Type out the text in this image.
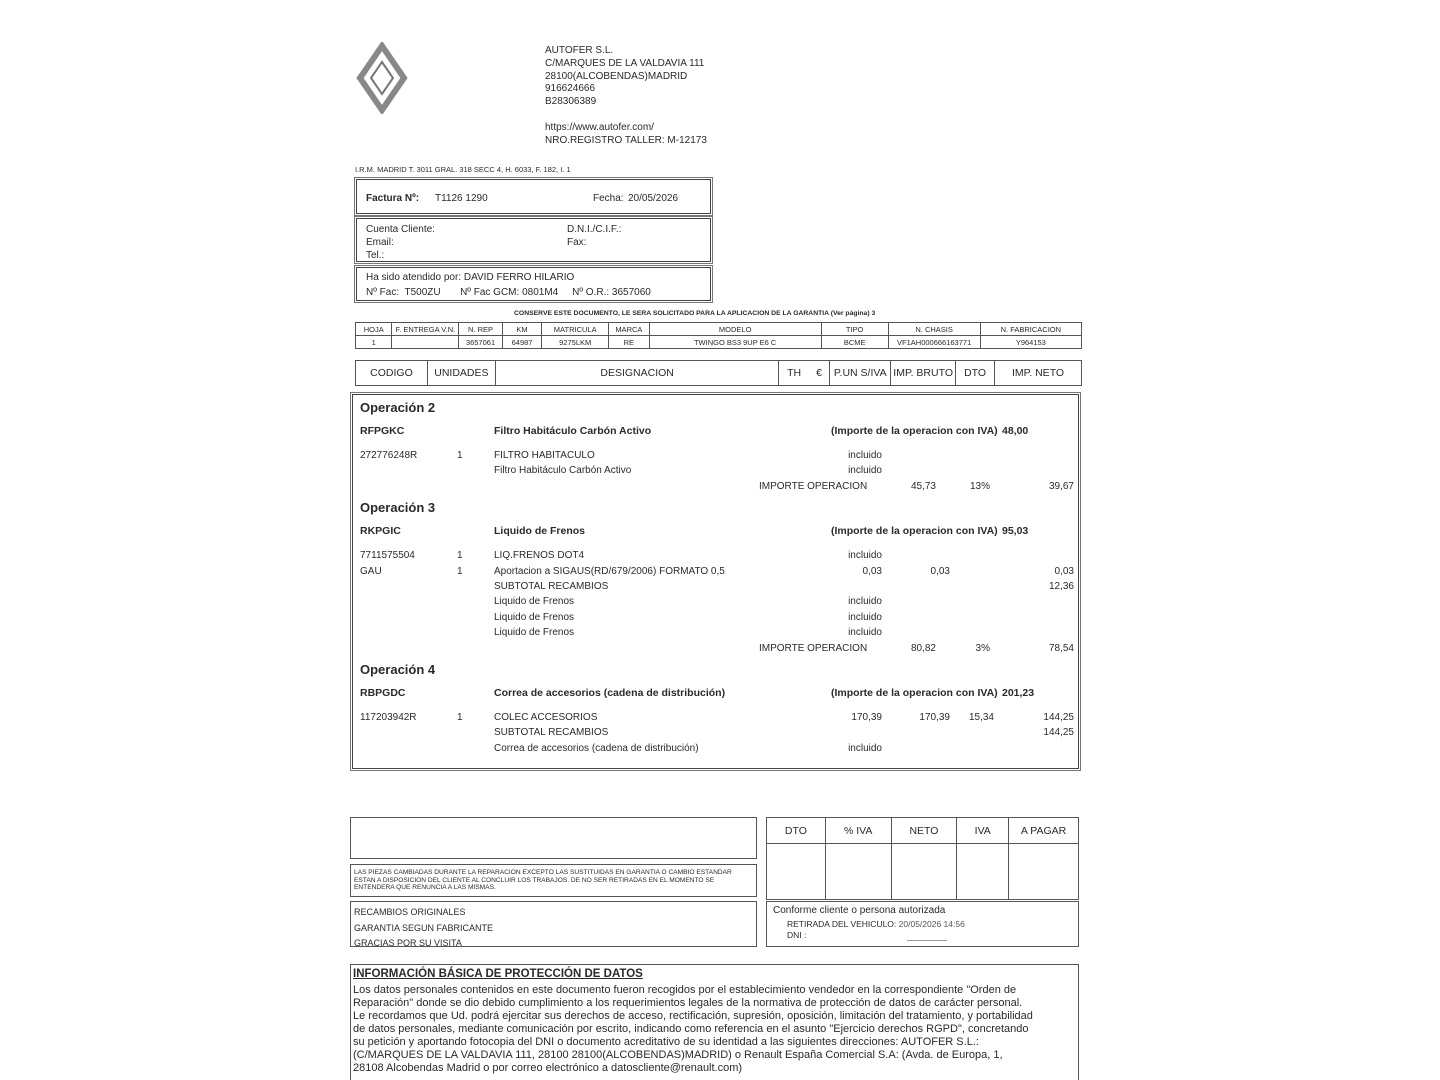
AUTOFER S.L.
C/MARQUES DE LA VALDAVIA 111
28100(ALCOBENDAS)MADRID
916624666
B28306389
https://www.autofer.com/
NRO.REGISTRO TALLER: M-12173
I.R.M. MADRID T. 3011 GRAL. 318 SECC 4, H. 6033, F. 182, I. 1
Factura Nº: T1126 1290	Fecha: 20/05/2026
Cuenta Cliente:
Email:
Tel.:
D.N.I./C.I.F.:
Fax:
Ha sido atendido por: DAVID FERRO HILARIO
Nº Fac: T500ZU Nº Fac GCM: 0801M4 Nº O.R.: 3657060
CONSERVE ESTE DOCUMENTO, LE SERA SOLICITADO PARA LA APLICACION DE LA GARANTIA (Ver página) 3
HOJA	F. ENTREGA V.N.	N. REP	KM	MATRICULA	MARCA	MODELO	TIPO	N. CHASIS	N. FABRICACION
1		3657061	64987	9275LKM	RE	TWINGO BS3 9UP E6 C	BCME	VF1AH000666163771	Y964153
CODIGO	UNIDADES	DESIGNACION	TH	€	P.UN S/IVA	IMP. BRUTO	DTO	IMP. NETO
Operación 2
RFPGKC	Filtro Habitáculo Carbón Activo	(Importe de la operacion con IVA) 48,00
272776248R	1	FILTRO HABITACULO	incluido
Filtro Habitáculo Carbón Activo	incluido
IMPORTE OPERACION	45,73	13%	39,67
Operación 3
RKPGIC	Liquido de Frenos	(Importe de la operacion con IVA) 95,03
7711575504	1	LIQ.FRENOS DOT4	incluido
GAU	1	Aportacion a SIGAUS(RD/679/2006) FORMATO 0,5	0,03	0,03	0,03
SUBTOTAL RECAMBIOS	12,36
Liquido de Frenos	incluido
Liquido de Frenos	incluido
Liquido de Frenos	incluido
IMPORTE OPERACION	80,82	3%	78,54
Operación 4
RBPGDC	Correa de accesorios (cadena de distribución)	(Importe de la operacion con IVA) 201,23
117203942R	1	COLEC ACCESORIOS	170,39	170,39 15,34	144,25
SUBTOTAL RECAMBIOS	144,25
Correa de accesorios (cadena de distribución)	incluido
LAS PIEZAS CAMBIADAS DURANTE LA REPARACION EXCEPTO LAS SUSTITUIDAS EN GARANTIA O CAMBIO ESTANDAR ESTAN A DISPOSICION DEL CLIENTE AL CONCLUIR LOS TRABAJOS. DE NO SER RETIRADAS EN EL MOMENTO SE ENTENDERA QUE RENUNCIA A LAS MISMAS.
RECAMBIOS ORIGINALES
GARANTIA SEGUN FABRICANTE
GRACIAS POR SU VISITA
DTO	% IVA	NETO	IVA	A PAGAR

Conforme cliente o persona autorizada
RETIRADA DEL VEHICULO: 20/05/2026 14:56
DNI :
INFORMACIÓN BÁSICA DE PROTECCIÓN DE DATOS
Los datos personales contenidos en este documento fueron recogidos por el establecimiento vendedor en la correspondiente "Orden de
Reparación" donde se dio debido cumplimiento a los requerimientos legales de la normativa de protección de datos de carácter personal.
Le recordamos que Ud. podrá ejercitar sus derechos de acceso, rectificación, supresión, oposición, limitación del tratamiento, y portabilidad
de datos personales, mediante comunicación por escrito, indicando como referencia en el asunto "Ejercicio derechos RGPD", concretando
su petición y aportando fotocopia del DNI o documento acreditativo de su identidad a las siguientes direcciones: AUTOFER S.L.:
(C/MARQUES DE LA VALDAVIA 111, 28100 28100(ALCOBENDAS)MADRID) o Renault España Comercial S.A: (Avda. de Europa, 1,
28108 Alcobendas Madrid o por correo electrónico a datoscliente@renault.com)
